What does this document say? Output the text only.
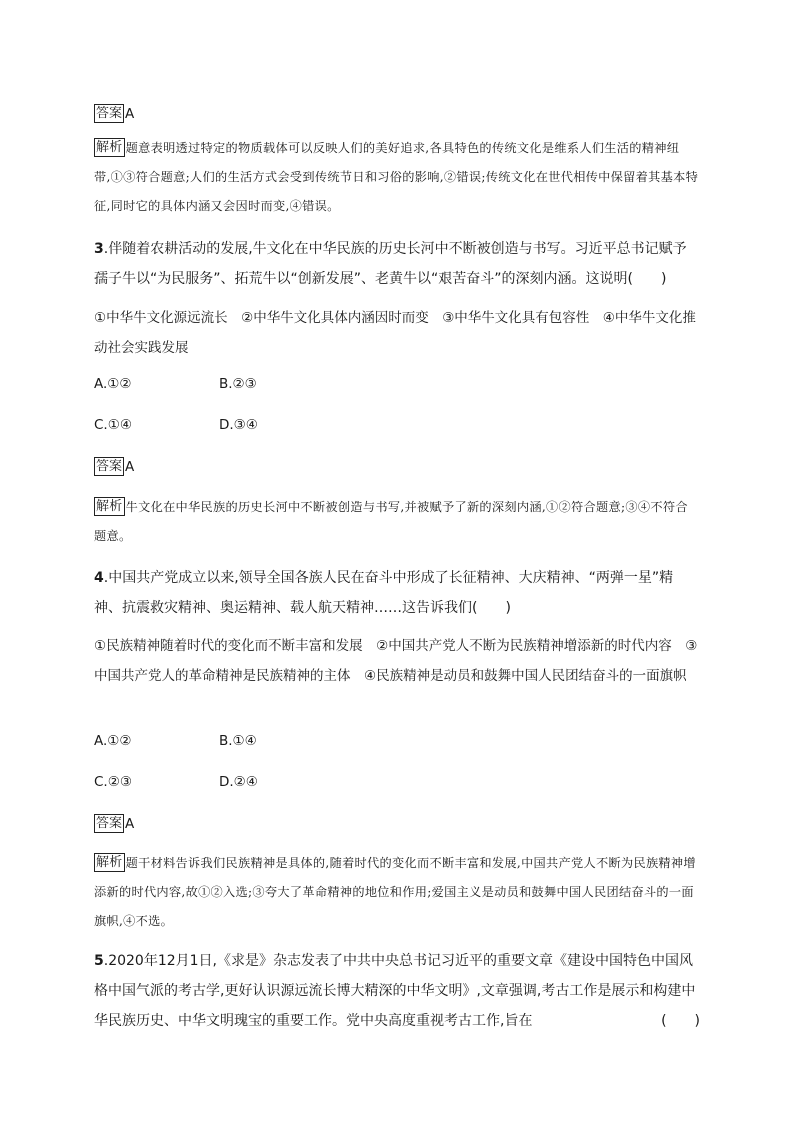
答案 A
解析 题意表明透过特定的物质载体可以反映人们的美好追求,各具特色的传统文化是维系人们生活的精神纽带,①③符合题意;人们的生活方式会受到传统节日和习俗的影响,②错误;传统文化在世代相传中保留着其基本特征,同时它的具体内涵又会因时而变,④错误。
3.伴随着农耕活动的发展,牛文化在中华民族的历史长河中不断被创造与书写。习近平总书记赋予孺子牛以“为民服务”、拓荒牛以“创新发展”、老黄牛以“艰苦奋斗”的深刻内涵。这说明(　　)
①中华牛文化源远流长　②中华牛文化具体内涵因时而变　③中华牛文化具有包容性　④中华牛文化推动社会实践发展
A.①②	B.②③
C.①④	D.③④
答案 A
解析 牛文化在中华民族的历史长河中不断被创造与书写,并被赋予了新的深刻内涵,①②符合题意;③④不符合题意。
4.中国共产党成立以来,领导全国各族人民在奋斗中形成了长征精神、大庆精神、“两弹一星”精神、抗震救灾精神、奥运精神、载人航天精神……这告诉我们(　　)
①民族精神随着时代的变化而不断丰富和发展　②中国共产党人不断为民族精神增添新的时代内容　③中国共产党人的革命精神是民族精神的主体　④民族精神是动员和鼓舞中国人民团结奋斗的一面旗帜
A.①②	B.①④
C.②③	D.②④
答案 A
解析 题干材料告诉我们民族精神是具体的,随着时代的变化而不断丰富和发展,中国共产党人不断为民族精神增添新的时代内容,故①②入选;③夸大了革命精神的地位和作用;爱国主义是动员和鼓舞中国人民团结奋斗的一面旗帜,④不选。
5.2020年12月1日,《求是》杂志发表了中共中央总书记习近平的重要文章《建设中国特色中国风格中国气派的考古学,更好认识源远流长博大精深的中华文明》,文章强调,考古工作是展示和构建中华民族历史、中华文明瑰宝的重要工作。党中央高度重视考古工作,旨在	(　　)
